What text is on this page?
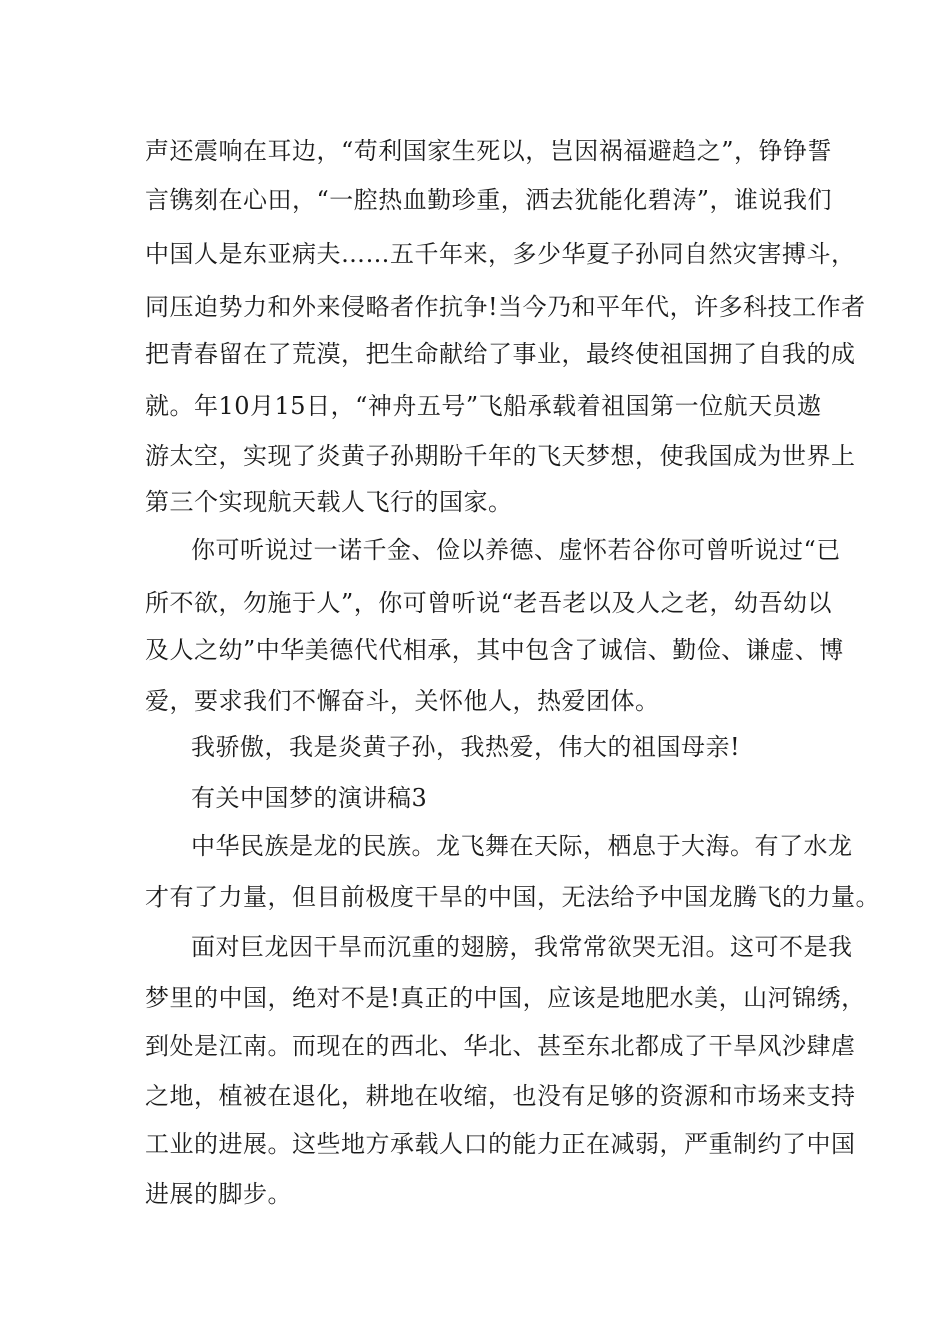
声还震响在耳边，“苟利国家生死以，岂因祸福避趋之”，铮铮誓
言镌刻在心田，“一腔热血勤珍重，洒去犹能化碧涛”，谁说我们
中国人是东亚病夫……五千年来，多少华夏子孙同自然灾害搏斗，
同压迫势力和外来侵略者作抗争!当今乃和平年代，许多科技工作者
把青春留在了荒漠，把生命献给了事业，最终使祖国拥了自我的成
就。年10月15日，“神舟五号”飞船承载着祖国第一位航天员遨
游太空，实现了炎黄子孙期盼千年的飞天梦想，使我国成为世界上
第三个实现航天载人飞行的国家。
你可听说过一诺千金、俭以养德、虚怀若谷你可曾听说过“已
所不欲，勿施于人”，你可曾听说“老吾老以及人之老，幼吾幼以
及人之幼”中华美德代代相承，其中包含了诚信、勤俭、谦虚、博
爱，要求我们不懈奋斗，关怀他人，热爱团体。
我骄傲，我是炎黄子孙，我热爱，伟大的祖国母亲!
有关中国梦的演讲稿3
中华民族是龙的民族。龙飞舞在天际，栖息于大海。有了水龙
才有了力量，但目前极度干旱的中国，无法给予中国龙腾飞的力量。
面对巨龙因干旱而沉重的翅膀，我常常欲哭无泪。这可不是我
梦里的中国，绝对不是!真正的中国，应该是地肥水美，山河锦绣，
到处是江南。而现在的西北、华北、甚至东北都成了干旱风沙肆虐
之地，植被在退化，耕地在收缩，也没有足够的资源和市场来支持
工业的进展。这些地方承载人口的能力正在减弱，严重制约了中国
进展的脚步。
